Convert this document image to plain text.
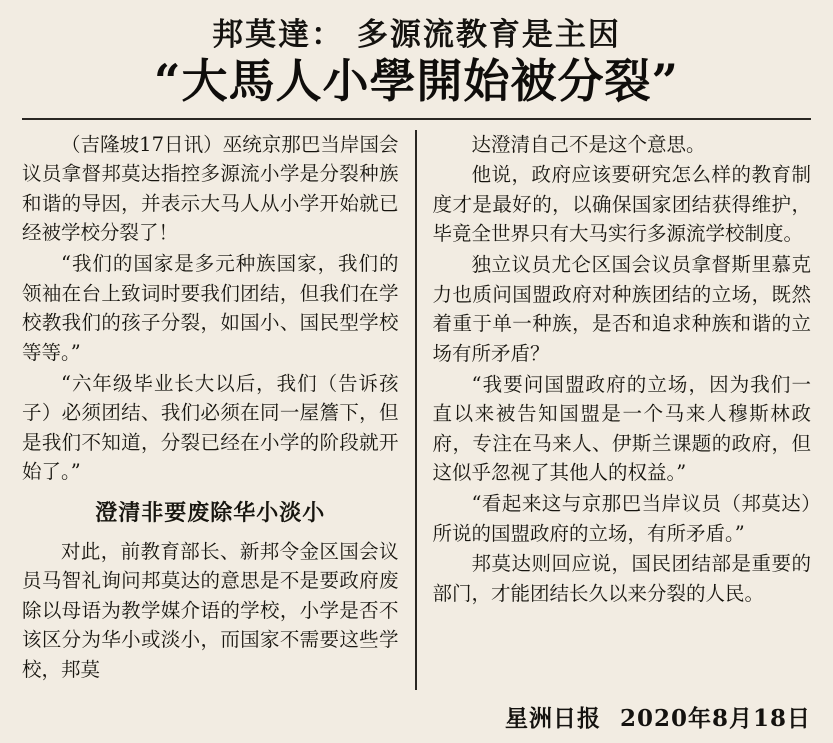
邦莫達： 多源流教育是主因
“大馬人小學開始被分裂”

（吉隆坡17日讯）巫统京那巴当岸国会议员拿督邦莫达指控多源流小学是分裂种族和谐的导因，并表示大马人从小学开始就已经被学校分裂了！

“我们的国家是多元种族国家，我们的领袖在台上致词时要我们团结，但我们在学校教我们的孩子分裂，如国小、国民型学校等等。”

“六年级毕业长大以后，我们（告诉孩子）必须团结、我们必须在同一屋簷下，但是我们不知道，分裂已经在小学的阶段就开始了。”

澄清非要废除华小淡小

对此，前教育部长、新邦令金区国会议员马智礼询问邦莫达的意思是不是要政府废除以母语为教学媒介语的学校，小学是否不该区分为华小或淡小，而国家不需要这些学校，邦莫

达澄清自己不是这个意思。

他说，政府应该要研究怎么样的教育制度才是最好的，以确保国家团结获得维护，毕竟全世界只有大马实行多源流学校制度。

独立议员尤仑区国会议员拿督斯里慕克力也质问国盟政府对种族团结的立场，既然着重于单一种族，是否和追求种族和谐的立场有所矛盾？

“我要问国盟政府的立场，因为我们一直以来被告知国盟是一个马来人穆斯林政府，专注在马来人、伊斯兰课题的政府，但这似乎忽视了其他人的权益。”

“看起来这与京那巴当岸议员（邦莫达）所说的国盟政府的立场，有所矛盾。”

邦莫达则回应说，国民团结部是重要的部门，才能团结长久以来分裂的人民。

星洲日报 2020年8月18日
